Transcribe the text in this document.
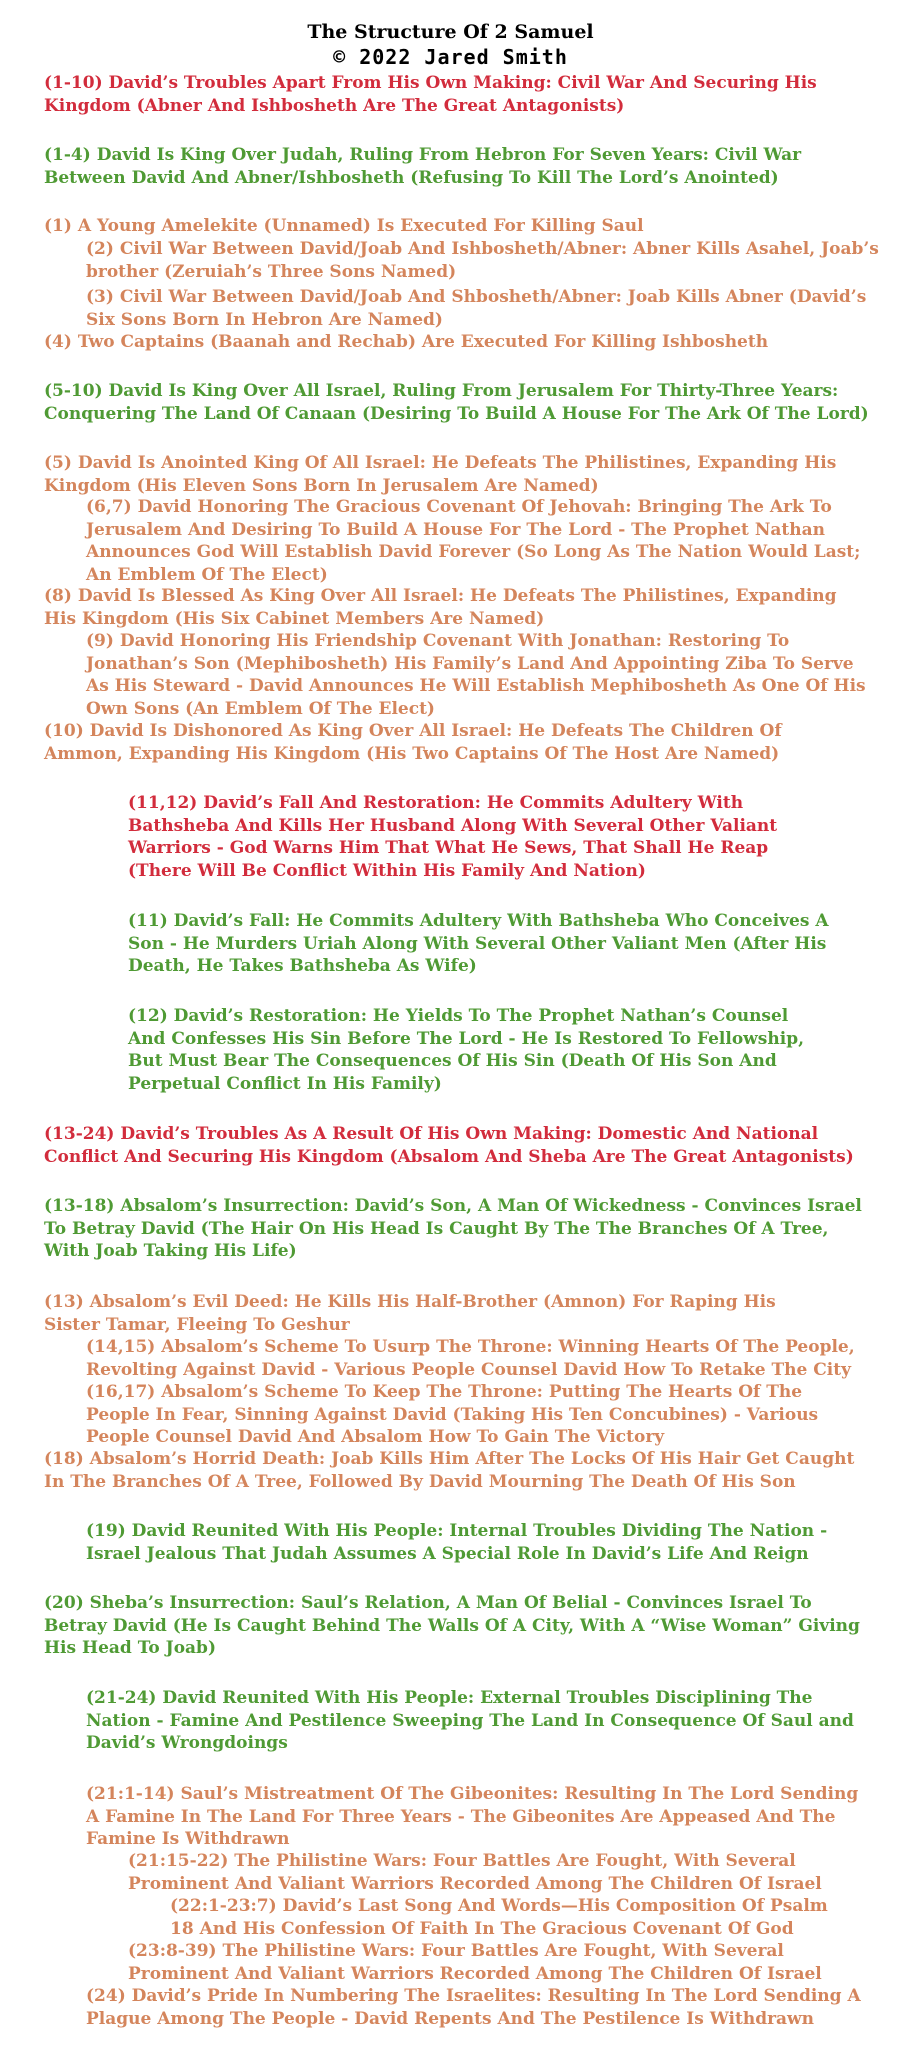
The Structure Of 2 Samuel
© 2022 Jared Smith

(1-10) David’s Troubles Apart From His Own Making: Civil War And Securing His Kingdom (Abner And Ishbosheth Are The Great Antagonists)

(1-4) David Is King Over Judah, Ruling From Hebron For Seven Years: Civil War Between David And Abner/Ishbosheth (Refusing To Kill The Lord’s Anointed)

(1) A Young Amelekite (Unnamed) Is Executed For Killing Saul

(2) Civil War Between David/Joab And Ishbosheth/Abner: Abner Kills Asahel, Joab’s brother (Zeruiah’s Three Sons Named)

(3) Civil War Between David/Joab And Shbosheth/Abner: Joab Kills Abner (David’s Six Sons Born In Hebron Are Named)

(4) Two Captains (Baanah and Rechab) Are Executed For Killing Ishbosheth

(5-10) David Is King Over All Israel, Ruling From Jerusalem For Thirty-Three Years: Conquering The Land Of Canaan (Desiring To Build A House For The Ark Of The Lord)

(5) David Is Anointed King Of All Israel: He Defeats The Philistines, Expanding His Kingdom (His Eleven Sons Born In Jerusalem Are Named)

(6,7) David Honoring The Gracious Covenant Of Jehovah: Bringing The Ark To Jerusalem And Desiring To Build A House For The Lord - The Prophet Nathan Announces God Will Establish David Forever (So Long As The Nation Would Last; An Emblem Of The Elect)

(8) David Is Blessed As King Over All Israel: He Defeats The Philistines, Expanding His Kingdom (His Six Cabinet Members Are Named)

(9) David Honoring His Friendship Covenant With Jonathan: Restoring To Jonathan’s Son (Mephibosheth) His Family’s Land And Appointing Ziba To Serve As His Steward - David Announces He Will Establish Mephibosheth As One Of His Own Sons (An Emblem Of The Elect)

(10) David Is Dishonored As King Over All Israel: He Defeats The Children Of Ammon, Expanding His Kingdom (His Two Captains Of The Host Are Named)

(11,12) David’s Fall And Restoration: He Commits Adultery With Bathsheba And Kills Her Husband Along With Several Other Valiant Warriors - God Warns Him That What He Sews, That Shall He Reap (There Will Be Conflict Within His Family And Nation)

(11) David’s Fall: He Commits Adultery With Bathsheba Who Conceives A Son - He Murders Uriah Along With Several Other Valiant Men (After His Death, He Takes Bathsheba As Wife)

(12) David’s Restoration: He Yields To The Prophet Nathan’s Counsel And Confesses His Sin Before The Lord - He Is Restored To Fellowship, But Must Bear The Consequences Of His Sin (Death Of His Son And Perpetual Conflict In His Family)

(13-24) David’s Troubles As A Result Of His Own Making: Domestic And National Conflict And Securing His Kingdom (Absalom And Sheba Are The Great Antagonists)

(13-18) Absalom’s Insurrection: David’s Son, A Man Of Wickedness - Convinces Israel To Betray David (The Hair On His Head Is Caught By The The Branches Of A Tree, With Joab Taking His Life)

(13) Absalom’s Evil Deed: He Kills His Half-Brother (Amnon) For Raping His Sister Tamar, Fleeing To Geshur

(14,15) Absalom’s Scheme To Usurp The Throne: Winning Hearts Of The People, Revolting Against David - Various People Counsel David How To Retake The City

(16,17) Absalom’s Scheme To Keep The Throne: Putting The Hearts Of The People In Fear, Sinning Against David (Taking His Ten Concubines) - Various People Counsel David And Absalom How To Gain The Victory

(18) Absalom’s Horrid Death: Joab Kills Him After The Locks Of His Hair Get Caught In The Branches Of A Tree, Followed By David Mourning The Death Of His Son

(19) David Reunited With His People: Internal Troubles Dividing The Nation - Israel Jealous That Judah Assumes A Special Role In David’s Life And Reign

(20) Sheba’s Insurrection: Saul’s Relation, A Man Of Belial - Convinces Israel To Betray David (He Is Caught Behind The Walls Of A City, With A “Wise Woman” Giving His Head To Joab)

(21-24) David Reunited With His People: External Troubles Disciplining The Nation - Famine And Pestilence Sweeping The Land In Consequence Of Saul and David’s Wrongdoings

(21:1-14) Saul’s Mistreatment Of The Gibeonites: Resulting In The Lord Sending A Famine In The Land For Three Years - The Gibeonites Are Appeased And The Famine Is Withdrawn

(21:15-22) The Philistine Wars: Four Battles Are Fought, With Several Prominent And Valiant Warriors Recorded Among The Children Of Israel

(22:1-23:7) David’s Last Song And Words—His Composition Of Psalm 18 And His Confession Of Faith In The Gracious Covenant Of God

(23:8-39) The Philistine Wars: Four Battles Are Fought, With Several Prominent And Valiant Warriors Recorded Among The Children Of Israel

(24) David’s Pride In Numbering The Israelites: Resulting In The Lord Sending A Plague Among The People - David Repents And The Pestilence Is Withdrawn
